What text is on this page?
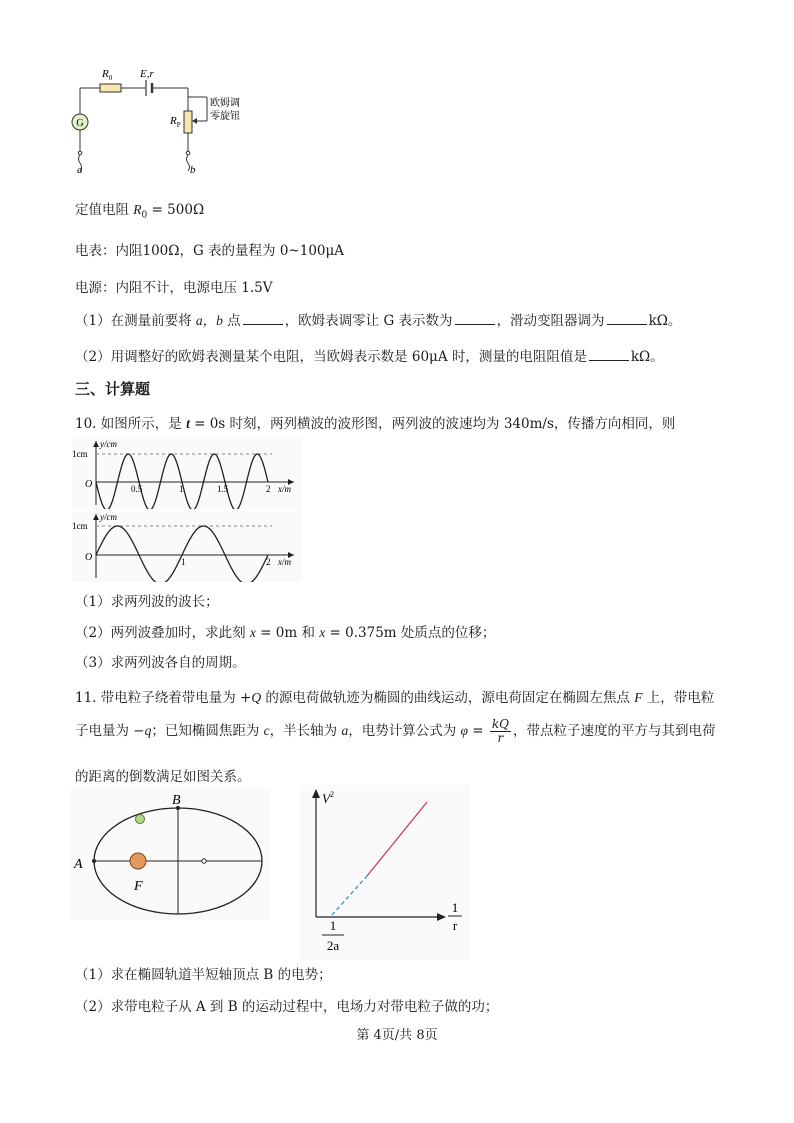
G
$R_0$	E,r
$R_P$
欧姆调
零旋钮
a	b
定值电阻 $R_0 = 500\Omega$
电表：内阻100Ω，G 表的量程为 0~100μA
电源：内阻不计，电源电压 1.5V
（1）在测量前要将 a，b 点	，欧姆表调零让 G 表示数为	，滑动变阻器调为	kΩ。
（2）用调整好的欧姆表测量某个电阻，当欧姆表示数是 60μA 时，测量的电阻阻值是	kΩ。
三、计算题
10. 如图所示，是 t = 0s 时刻，两列横波的波形图，两列波的波速均为 340m/s，传播方向相同，则
y/cm
1cm
O	0.5	1	1.5	2 x/m
y/cm
1cm
O	1	2 x/m
（1）求两列波的波长；
（2）两列波叠加时，求此刻 x = 0m 和 x = 0.375m 处质点的位移；
（3）求两列波各自的周期。
11. 带电粒子绕着带电量为 +Q 的源电荷做轨迹为椭圆的曲线运动，源电荷固定在椭圆左焦点 F 上，带电粒
子电量为 −q；已知椭圆焦距为 c，半长轴为 a，电势计算公式为 $\varphi = \frac{kQ}{r}$ ，带点粒子速度的平方与其到电荷
的距离的倒数满足如图关系。
A
B
F
$V^2$
1
r
1
2a
（1）求在椭圆轨道半短轴顶点 B 的电势；
（2）求带电粒子从 A 到 B 的运动过程中，电场力对带电粒子做的功；
第 4页/共 8页
